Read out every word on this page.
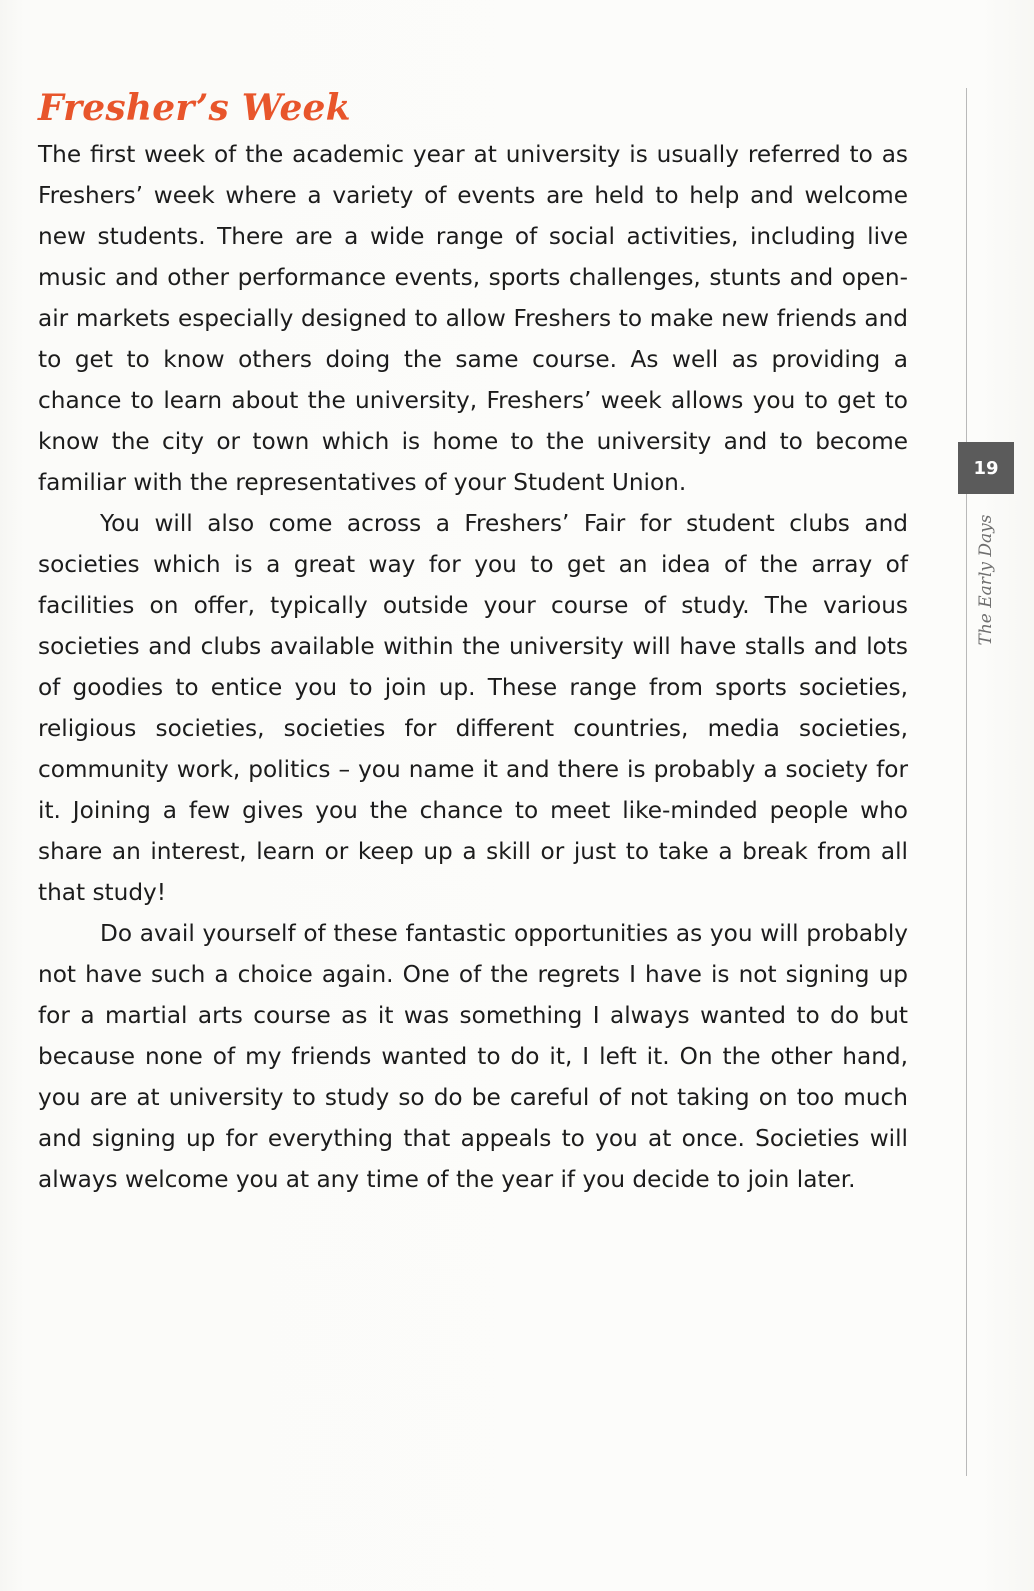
Fresher’s Week

The first week of the academic year at university is usually referred to as Freshers’ week where a variety of events are held to help and welcome new students. There are a wide range of social activities, including live music and other performance events, sports challenges, stunts and open-air markets especially designed to allow Freshers to make new friends and to get to know others doing the same course. As well as providing a chance to learn about the university, Freshers’ week allows you to get to know the city or town which is home to the university and to become familiar with the representatives of your Student Union.

You will also come across a Freshers’ Fair for student clubs and societies which is a great way for you to get an idea of the array of facilities on offer, typically outside your course of study. The various societies and clubs available within the university will have stalls and lots of goodies to entice you to join up. These range from sports societies, religious societies, societies for different countries, media societies, community work, politics – you name it and there is probably a society for it. Joining a few gives you the chance to meet like-minded people who share an interest, learn or keep up a skill or just to take a break from all that study!

Do avail yourself of these fantastic opportunities as you will probably not have such a choice again. One of the regrets I have is not signing up for a martial arts course as it was something I always wanted to do but because none of my friends wanted to do it, I left it. On the other hand, you are at university to study so do be careful of not taking on too much and signing up for everything that appeals to you at once. Societies will always welcome you at any time of the year if you decide to join later.

19
The Early Days
